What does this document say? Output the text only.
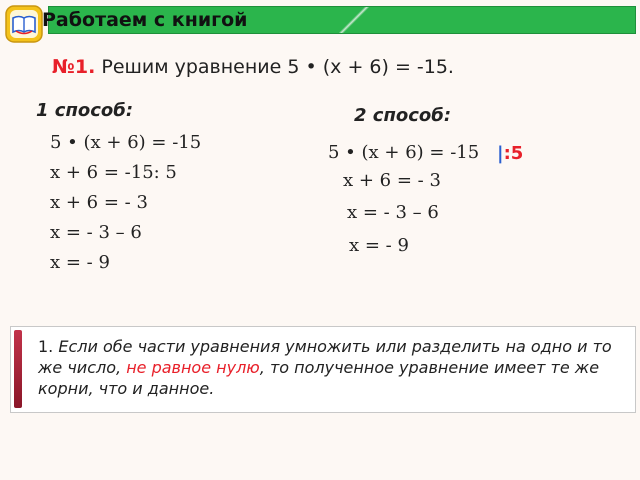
Работаем с книгой
№1. Решим уравнение 5 • (x + 6) = -15.
1 способ:
5 • (x + 6) = -15
x + 6 = -15: 5
x + 6 = - 3
x = - 3 – 6
x = - 9
2 способ:
5 • (x + 6) = -15 |:5
x + 6 = - 3
x = - 3 – 6
x = - 9
1. Если обе части уравнения умножить или разделить на одно и то же число, не равное нулю, то полученное уравнение имеет те же корни, что и данное.
